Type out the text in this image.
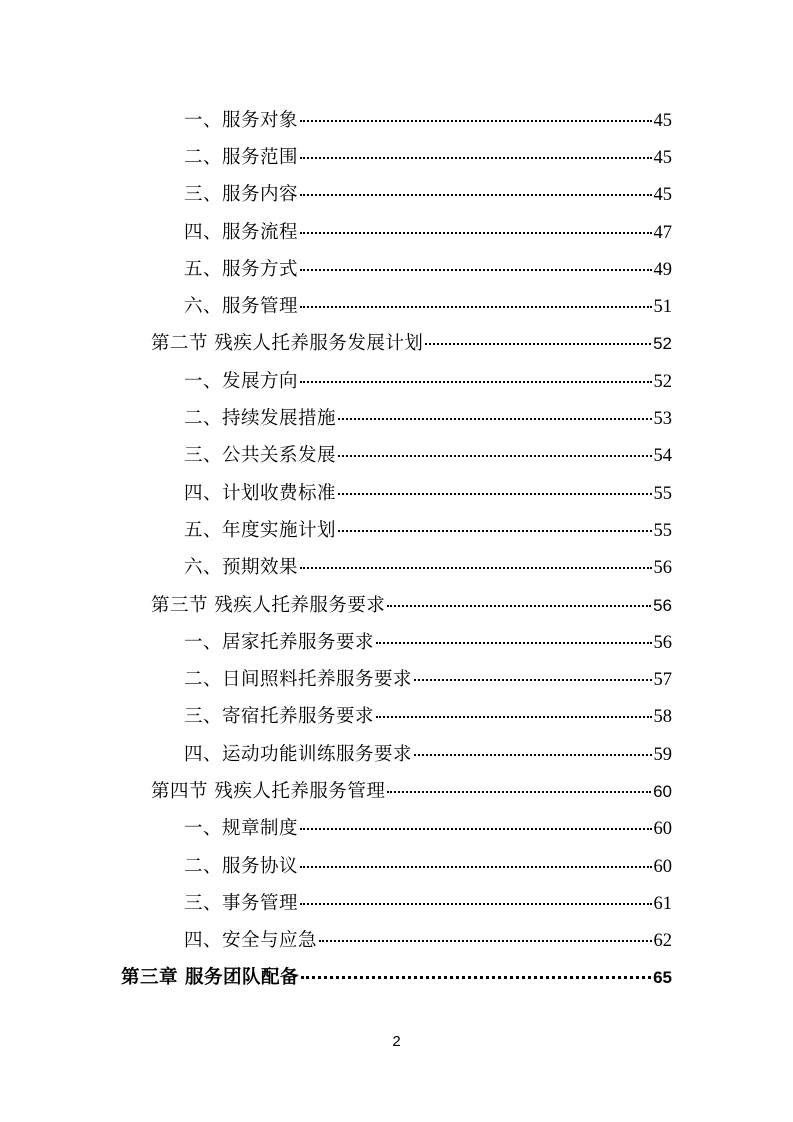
一、服务对象	45
二、服务范围	45
三、服务内容	45
四、服务流程	47
五、服务方式	49
六、服务管理	51
第二节 残疾人托养服务发展计划	52
一、发展方向	52
二、持续发展措施	53
三、公共关系发展	54
四、计划收费标准	55
五、年度实施计划	55
六、预期效果	56
第三节 残疾人托养服务要求	56
一、居家托养服务要求	56
二、日间照料托养服务要求	57
三、寄宿托养服务要求	58
四、运动功能训练服务要求	59
第四节 残疾人托养服务管理	60
一、规章制度	60
二、服务协议	60
三、事务管理	61
四、安全与应急	62
第三章 服务团队配备	65
2
